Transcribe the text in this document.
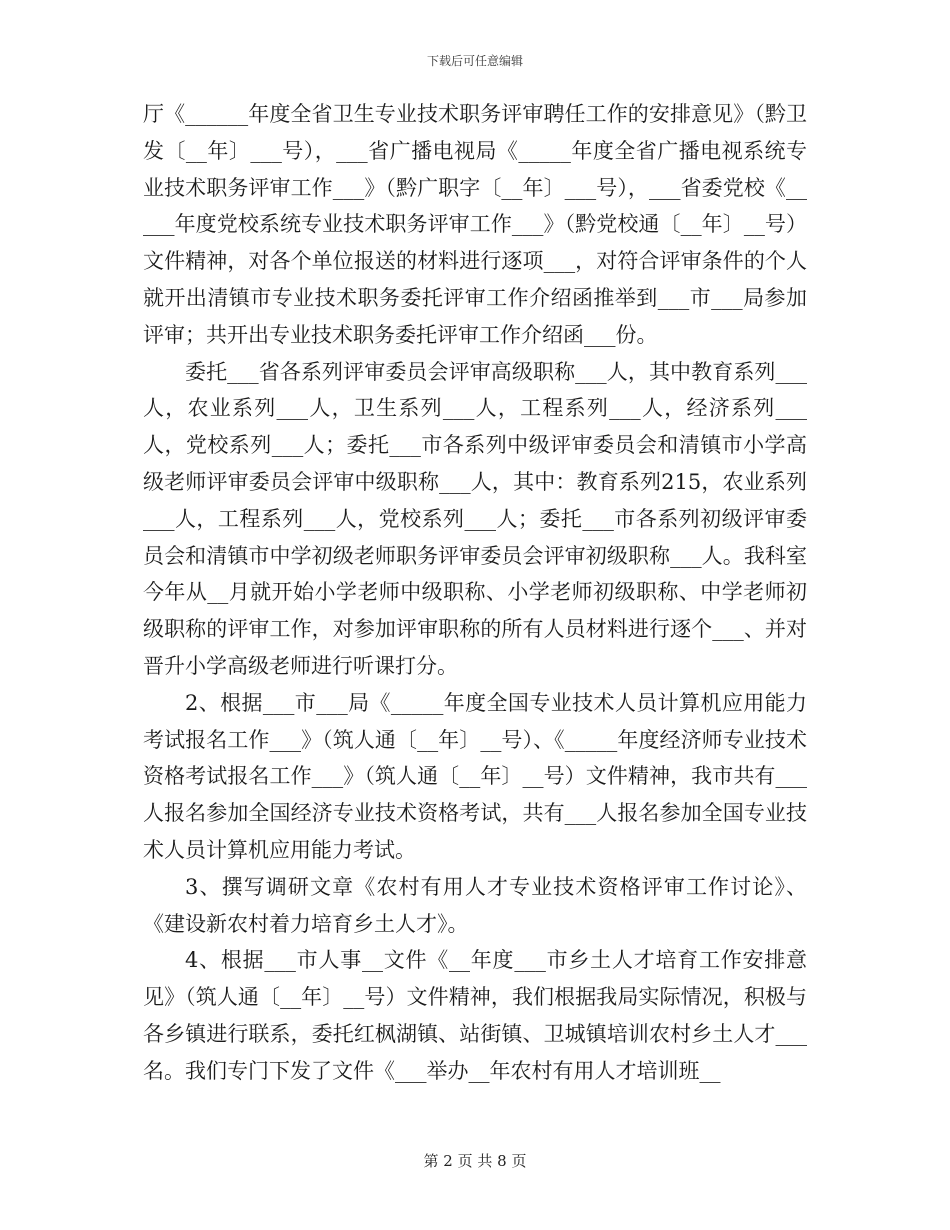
下载后可任意编辑

厅《______年度全省卫生专业技术职务评审聘任工作的安排意见》（黔卫发〔__年〕___号），___省广播电视局《_____年度全省广播电视系统专业技术职务评审工作___》（黔广职字〔__年〕___号），___省委党校《_____年度党校系统专业技术职务评审工作___》（黔党校通〔__年〕__号）文件精神，对各个单位报送的材料进行逐项___，对符合评审条件的个人就开出清镇市专业技术职务委托评审工作介绍函推举到___市___局参加评审；共开出专业技术职务委托评审工作介绍函___份。

委托___省各系列评审委员会评审高级职称___人，其中教育系列___人，农业系列___人，卫生系列___人，工程系列___人，经济系列___人，党校系列___人；委托___市各系列中级评审委员会和清镇市小学高级老师评审委员会评审中级职称___人，其中：教育系列215，农业系列___人，工程系列___人，党校系列___人；委托___市各系列初级评审委员会和清镇市中学初级老师职务评审委员会评审初级职称___人。我科室今年从__月就开始小学老师中级职称、小学老师初级职称、中学老师初级职称的评审工作，对参加评审职称的所有人员材料进行逐个___、并对晋升小学高级老师进行听课打分。

2、根据___市___局《_____年度全国专业技术人员计算机应用能力考试报名工作___》（筑人通〔__年〕__号）、《_____年度经济师专业技术资格考试报名工作___》（筑人通〔__年〕__号）文件精神，我市共有___人报名参加全国经济专业技术资格考试，共有___人报名参加全国专业技术人员计算机应用能力考试。

3、撰写调研文章《农村有用人才专业技术资格评审工作讨论》、《建设新农村着力培育乡土人才》。

4、根据___市人事__文件《__年度___市乡土人才培育工作安排意见》（筑人通〔__年〕__号）文件精神，我们根据我局实际情况，积极与各乡镇进行联系，委托红枫湖镇、站街镇、卫城镇培训农村乡土人才___名。我们专门下发了文件《___举办__年农村有用人才培训班__

第 2 页 共 8 页
